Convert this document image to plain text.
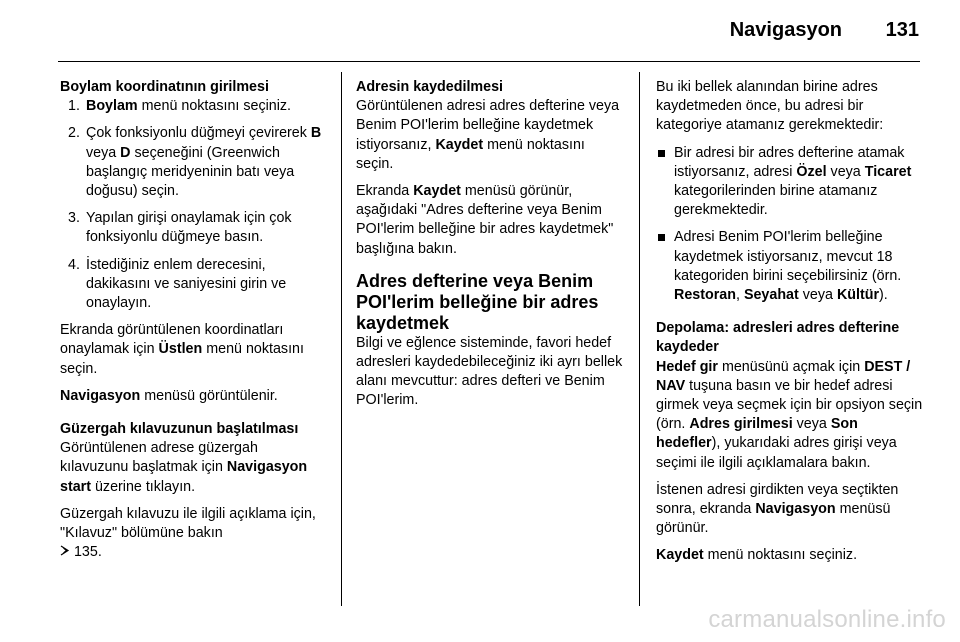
Navigasyon 131

Boylam koordinatının girilmesi

1. Boylam menü noktasını seçiniz.
2. Çok fonksiyonlu düğmeyi çevirerek B veya D seçeneğini (Greenwich başlangıç meridyeninin batı veya doğusu) seçin.
3. Yapılan girişi onaylamak için çok fonksiyonlu düğmeye basın.
4. İstediğiniz enlem derecesini, dakikasını ve saniyesini girin ve onaylayın.

Ekranda görüntülenen koordinatları onaylamak için Üstlen menü noktasını seçin.

Navigasyon menüsü görüntülenir.

Güzergah kılavuzunun başlatılması

Görüntülenen adrese güzergah kılavuzunu başlatmak için Navigasyon start üzerine tıklayın.

Güzergah kılavuzu ile ilgili açıklama için, "Kılavuz" bölümüne bakın
135.

Adresin kaydedilmesi

Görüntülenen adresi adres defterine veya Benim POI'lerim belleğine kaydetmek istiyorsanız, Kaydet menü noktasını seçin.

Ekranda Kaydet menüsü görünür, aşağıdaki "Adres defterine veya Benim POI'lerim belleğine bir adres kaydetmek" başlığına bakın.

Adres defterine veya Benim POI'lerim belleğine bir adres kaydetmek

Bilgi ve eğlence sisteminde, favori hedef adresleri kaydedebileceğiniz iki ayrı bellek alanı mevcuttur: adres defteri ve Benim POI'lerim.

Bu iki bellek alanından birine adres kaydetmeden önce, bu adresi bir kategoriye atamanız gerekmektedir:

Bir adresi bir adres defterine atamak istiyorsanız, adresi Özel veya Ticaret kategorilerinden birine atamanız gerekmektedir.
Adresi Benim POI'lerim belleğine kaydetmek istiyorsanız, mevcut 18 kategoriden birini seçebilirsiniz (örn. Restoran, Seyahat veya Kültür).

Depolama: adresleri adres defterine kaydeder

Hedef gir menüsünü açmak için DEST / NAV tuşuna basın ve bir hedef adresi girmek veya seçmek için bir opsiyon seçin (örn. Adres girilmesi veya Son hedefler), yukarıdaki adres girişi veya seçimi ile ilgili açıklamalara bakın.

İstenen adresi girdikten veya seçtikten sonra, ekranda Navigasyon menüsü görünür.

Kaydet menü noktasını seçiniz.

carmanualsonline.info
